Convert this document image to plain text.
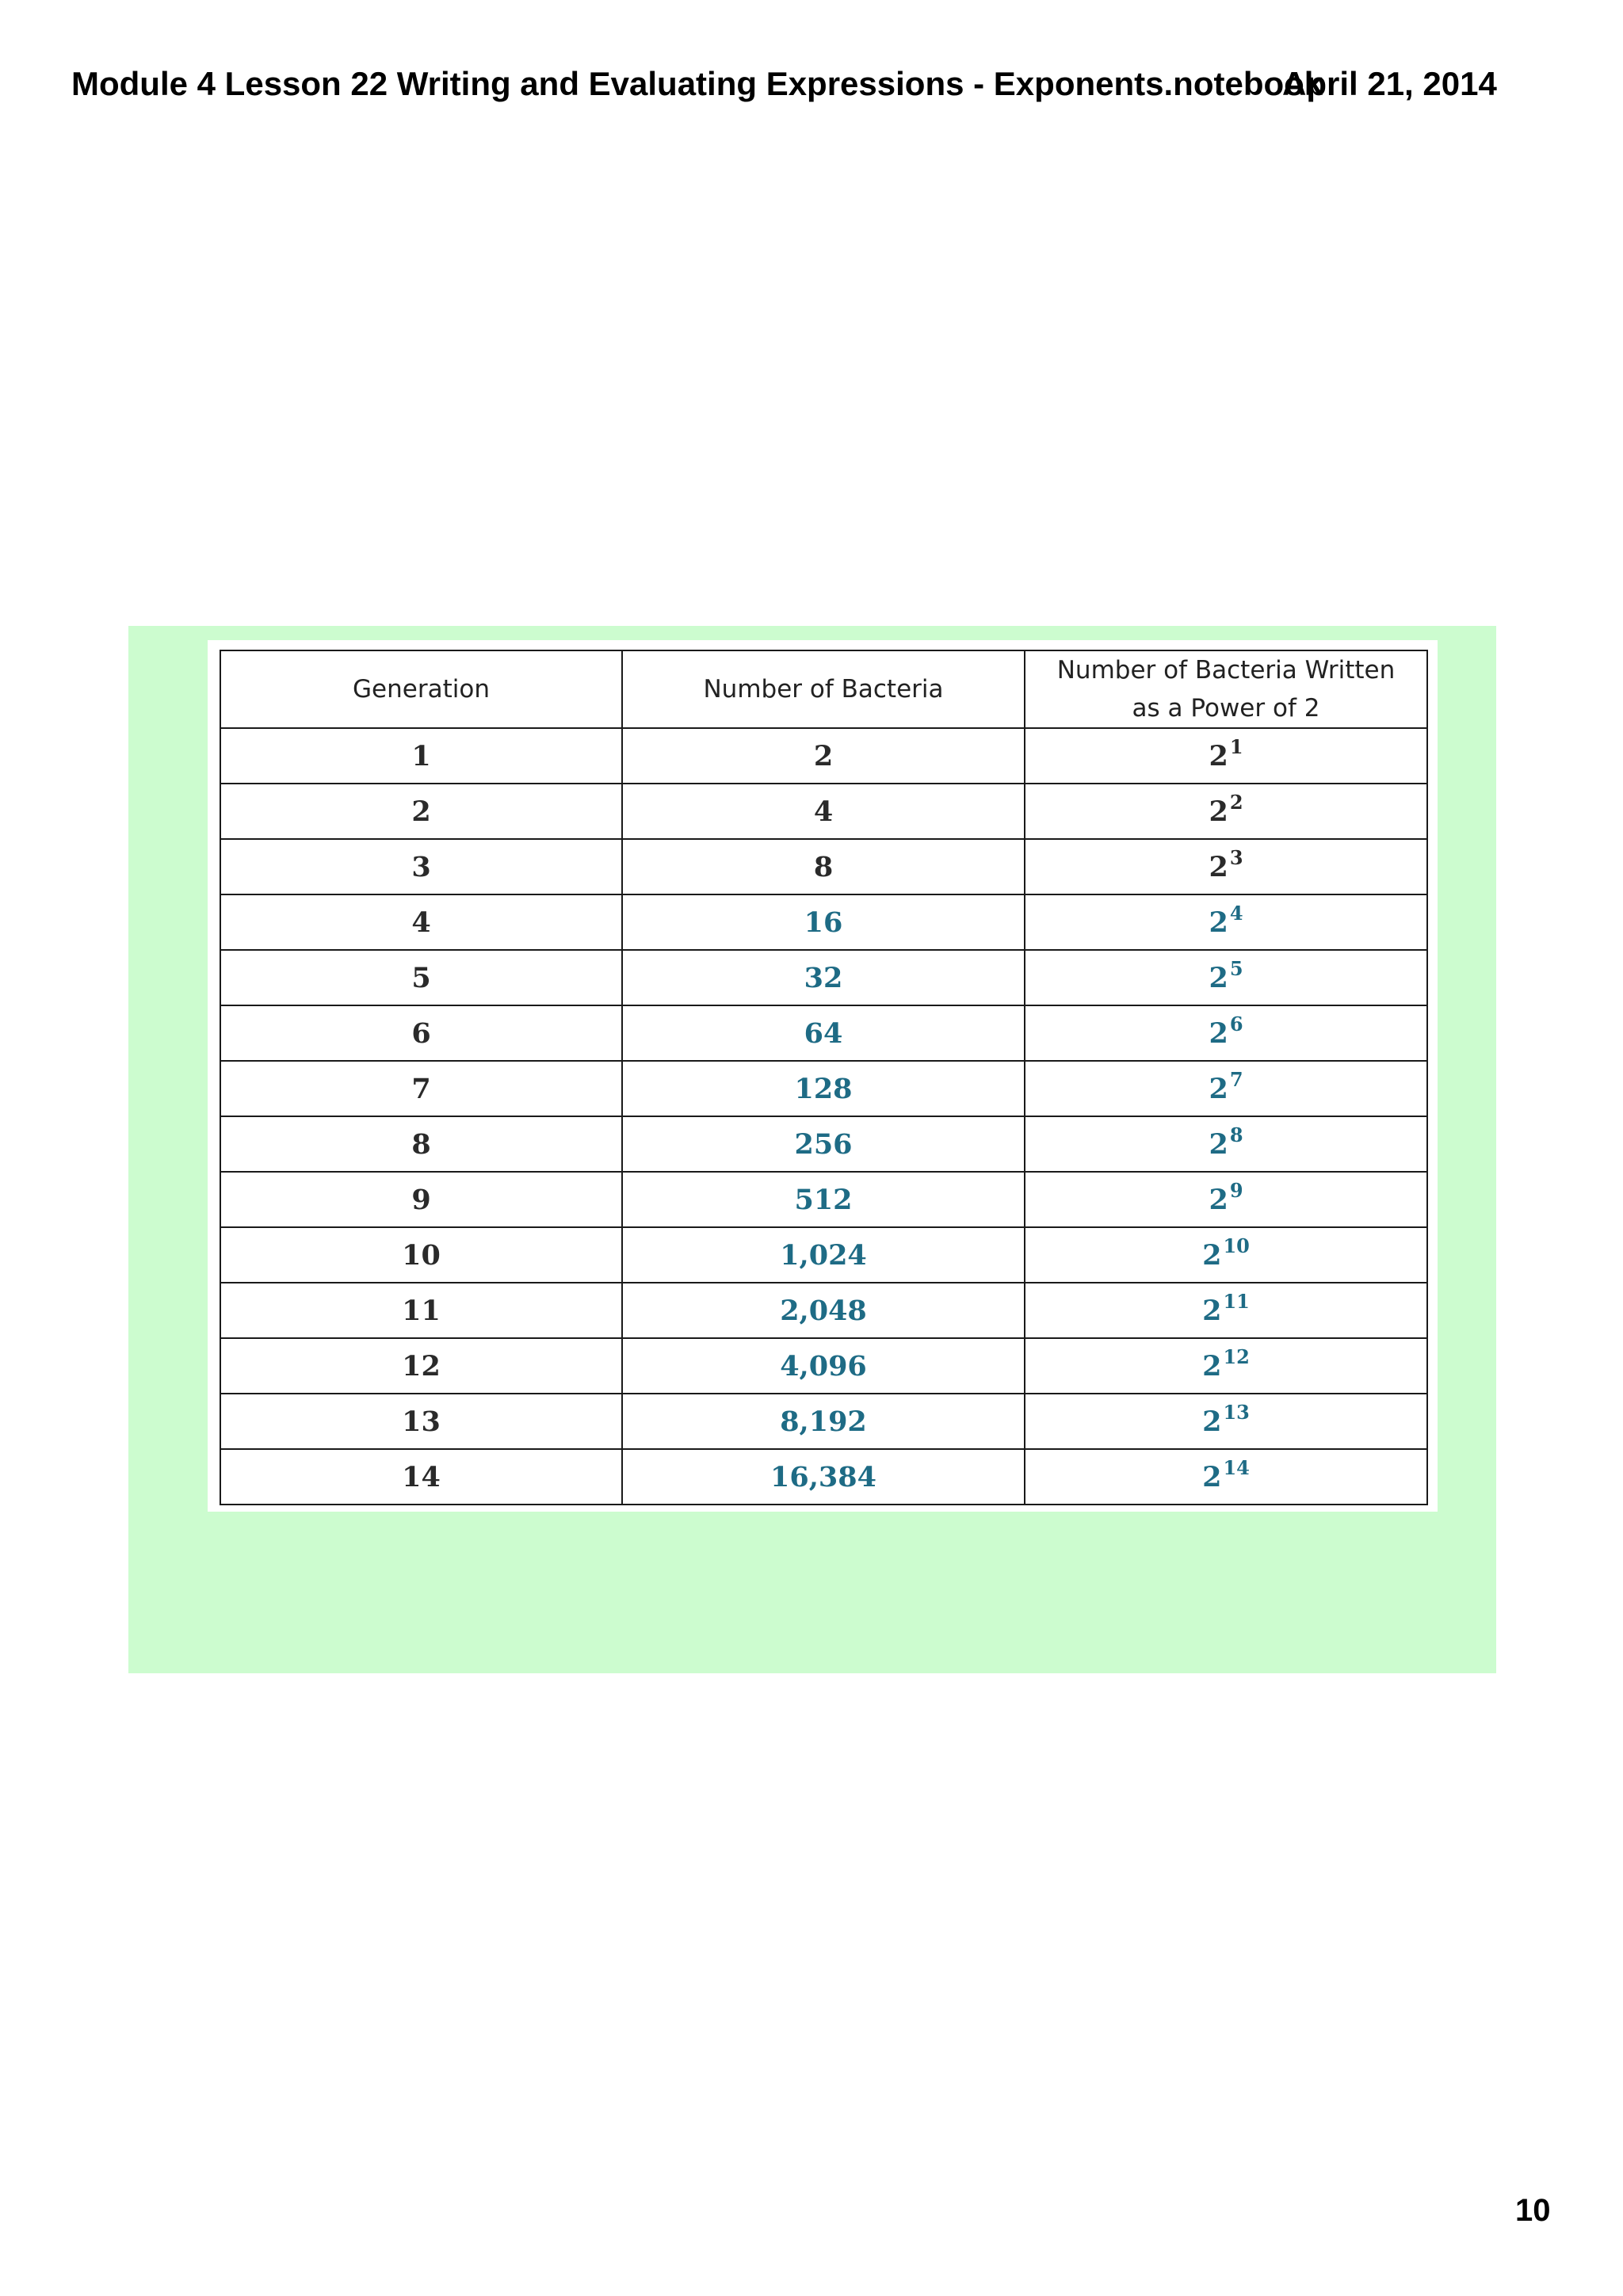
Module 4 Lesson 22 Writing and Evaluating Expressions - Exponents.notebook
April 21, 2014
Generation	Number of Bacteria	Number of Bacteria Written
as a Power of 2
1	2	$2^1$
2	4	$2^2$
3	8	$2^3$
4	16	$2^4$
5	32	$2^5$
6	64	$2^6$
7	128	$2^7$
8	256	$2^8$
9	512	$2^9$
10	1,024	$2^{10}$
11	2,048	$2^{11}$
12	4,096	$2^{12}$
13	8,192	$2^{13}$
14	16,384	$2^{14}$
10
